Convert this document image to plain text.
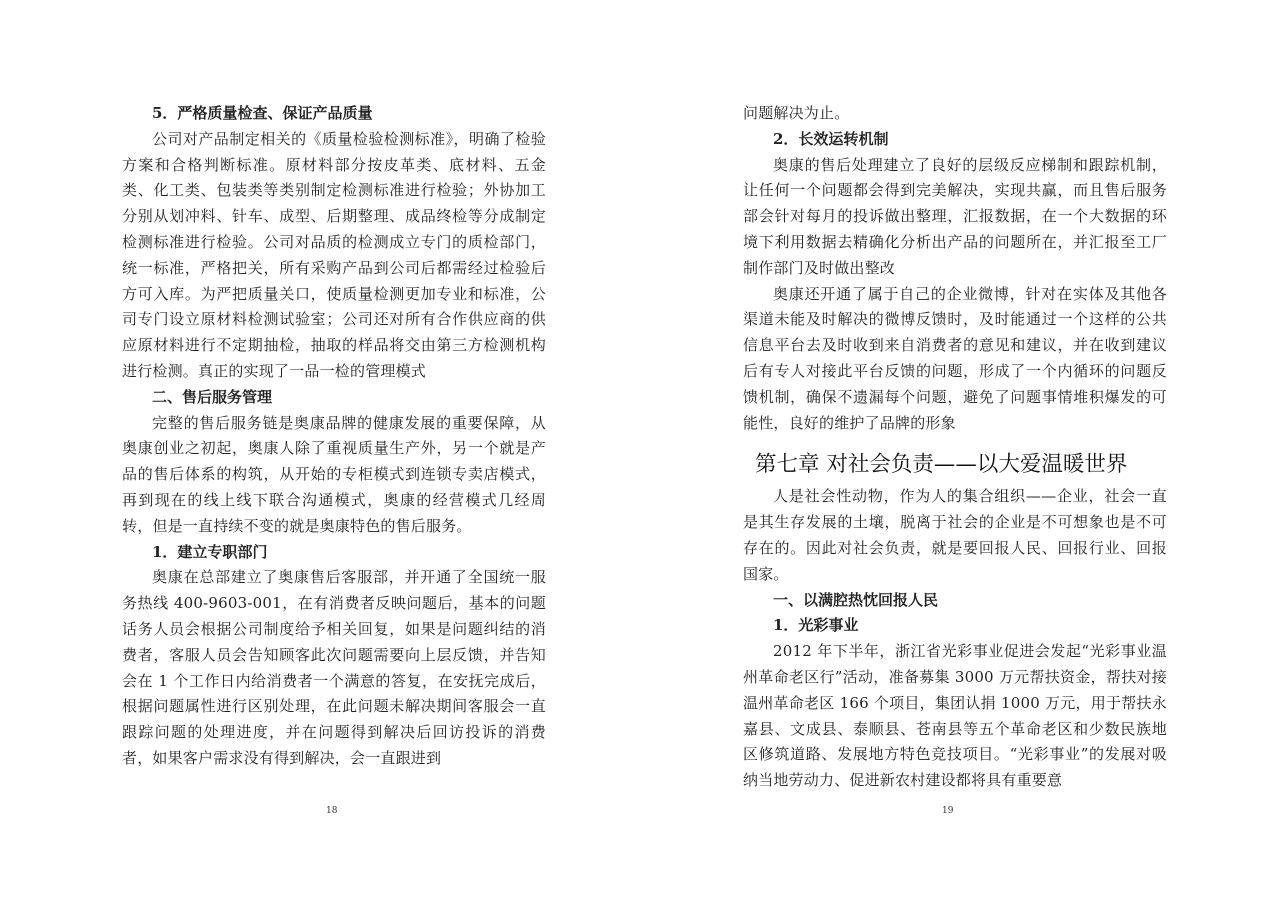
5．严格质量检查、保证产品质量

公司对产品制定相关的《质量检验检测标准》，明确了检验方案和合格判断标准。原材料部分按皮革类、底材料、五金类、化工类、包装类等类别制定检测标准进行检验；外协加工分别从划冲料、针车、成型、后期整理、成品终检等分成制定检测标准进行检验。公司对品质的检测成立专门的质检部门，统一标准，严格把关，所有采购产品到公司后都需经过检验后方可入库。为严把质量关口，使质量检测更加专业和标准，公司专门设立原材料检测试验室；公司还对所有合作供应商的供应原材料进行不定期抽检，抽取的样品将交由第三方检测机构进行检测。真正的实现了一品一检的管理模式

二、售后服务管理

完整的售后服务链是奥康品牌的健康发展的重要保障，从奥康创业之初起，奥康人除了重视质量生产外，另一个就是产品的售后体系的构筑，从开始的专柜模式到连锁专卖店模式，再到现在的线上线下联合沟通模式，奥康的经营模式几经周转，但是一直持续不变的就是奥康特色的售后服务。

1．建立专职部门

奥康在总部建立了奥康售后客服部，并开通了全国统一服务热线 400-9603-001，在有消费者反映问题后，基本的问题话务人员会根据公司制度给予相关回复，如果是问题纠结的消费者，客服人员会告知顾客此次问题需要向上层反馈，并告知会在 1 个工作日内给消费者一个满意的答复，在安抚完成后，根据问题属性进行区别处理，在此问题未解决期间客服会一直跟踪问题的处理进度，并在问题得到解决后回访投诉的消费者，如果客户需求没有得到解决，会一直跟进到

18

问题解决为止。

2．长效运转机制

奥康的售后处理建立了良好的层级反应梯制和跟踪机制，让任何一个问题都会得到完美解决，实现共赢，而且售后服务部会针对每月的投诉做出整理，汇报数据，在一个大数据的环境下利用数据去精确化分析出产品的问题所在，并汇报至工厂制作部门及时做出整改

奥康还开通了属于自己的企业微博，针对在实体及其他各渠道未能及时解决的微博反馈时，及时能通过一个这样的公共信息平台去及时收到来自消费者的意见和建议，并在收到建议后有专人对接此平台反馈的问题，形成了一个内循环的问题反馈机制，确保不遗漏每个问题，避免了问题事情堆积爆发的可能性，良好的维护了品牌的形象

第七章 对社会负责——以大爱温暖世界

人是社会性动物，作为人的集合组织——企业，社会一直是其生存发展的土壤，脱离于社会的企业是不可想象也是不可存在的。因此对社会负责，就是要回报人民、回报行业、回报国家。

一、以满腔热忱回报人民

1．光彩事业

2012 年下半年，浙江省光彩事业促进会发起“光彩事业温州革命老区行”活动，准备募集 3000 万元帮扶资金，帮扶对接温州革命老区 166 个项目，集团认捐 1000 万元，用于帮扶永嘉县、文成县、泰顺县、苍南县等五个革命老区和少数民族地区修筑道路、发展地方特色竞技项目。“光彩事业”的发展对吸纳当地劳动力、促进新农村建设都将具有重要意

19
